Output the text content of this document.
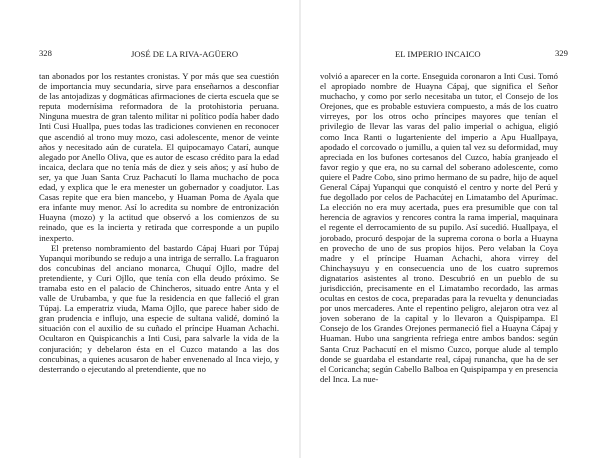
328	JOSÉ DE LA RIVA-AGÜERO

tan abonados por los restantes cronistas. Y por más que sea cuestión de importancia muy secundaria, sirve para enseñarnos a desconfiar de las antojadizas y dogmáticas afirmaciones de cierta escuela que se reputa modernísima reformadora de la protohistoria peruana. Ninguna muestra de gran talento militar ni político podía haber dado Inti Cusi Huallpa, pues todas las tradiciones convienen en reconocer que ascendió al trono muy mozo, casi adolescente, menor de veinte años y necesitado aún de curatela. El quipocamayo Catarí, aunque alegado por Anello Oliva, que es autor de escaso crédito para la edad incaica, declara que no tenía más de diez y seis años; y así hubo de ser, ya que Juan Santa Cruz Pachacutí lo llama muchacho de poca edad, y explica que le era menester un gobernador y coadjutor. Las Casas repite que era bien mancebo, y Huaman Poma de Ayala que era infante muy menor. Así lo acredita su nombre de entronización Huayna (mozo) y la actitud que observó a los comienzos de su reinado, que es la incierta y retirada que corresponde a un pupilo inexperto.

El pretenso nombramiento del bastardo Cápaj Huari por Túpaj Yupanqui moribundo se redujo a una intriga de serrallo. La fraguaron dos concubinas del anciano monarca, Chuquí Ojllo, madre del pretendiente, y Curi Ojllo, que tenía con ella deudo próximo. Se tramaba esto en el palacio de Chincheros, situado entre Anta y el valle de Urubamba, y que fue la residencia en que falleció el gran Túpaj. La emperatriz viuda, Mama Ojllo, que parece haber sido de gran prudencia e influjo, una especie de sultana validé, dominó la situación con el auxilio de su cuñado el príncipe Huaman Achachi. Ocultaron en Quispicanchis a Inti Cusi, para salvarle la vida de la conjuración; y debelaron ésta en el Cuzco matando a las dos concubinas, a quienes acusaron de haber envenenado al Inca viejo, y desterrando o ejecutando al pretendiente, que no

EL IMPERIO INCAICO	329

volvió a aparecer en la corte. Enseguida coronaron a Inti Cusi. Tomó el apropiado nombre de Huayna Cápaj, que significa el Señor muchacho, y como por serlo necesitaba un tutor, el Consejo de los Orejones, que es probable estuviera compuesto, a más de los cuatro virreyes, por los otros ocho príncipes mayores que tenían el privilegio de llevar las varas del palio imperial o achigua, eligió como Inca Ranti o lugarteniente del imperio a Apu Huallpaya, apodado el corcovado o jumillu, a quien tal vez su deformidad, muy apreciada en los bufones cortesanos del Cuzco, había granjeado el favor regio y que era, no su carnal del soberano adolescente, como quiere el Padre Cobo, sino primo hermano de su padre, hijo de aquel General Cápaj Yupanqui que conquistó el centro y norte del Perú y fue degollado por celos de Pachacútej en Limatambo del Apurímac. La elección no era muy acertada, pues era presumible que con tal herencia de agravios y rencores contra la rama imperial, maquinara el regente el derrocamiento de su pupilo. Así sucedió. Huallpaya, el jorobado, procuró despojar de la suprema corona o borla a Huayna en provecho de uno de sus propios hijos. Pero velaban la Coya madre y el príncipe Huaman Achachi, ahora virrey del Chinchaysuyu y en consecuencia uno de los cuatro supremos dignatarios asistentes al trono. Descubrió en un pueblo de su jurisdicción, precisamente en el Limatambo recordado, las armas ocultas en cestos de coca, preparadas para la revuelta y denunciadas por unos mercaderes. Ante el repentino peligro, alejaron otra vez al joven soberano de la capital y lo llevaron a Quispipampa. El Consejo de los Grandes Orejones permaneció fiel a Huayna Cápaj y Huaman. Hubo una sangrienta refriega entre ambos bandos: según Santa Cruz Pachacutí en el mismo Cuzco, porque alude al templo donde se guardaba el estandarte real, cápaj runancha, que ha de ser el Coricancha; según Cabello Balboa en Quispipampa y en presencia del Inca. La nue-
